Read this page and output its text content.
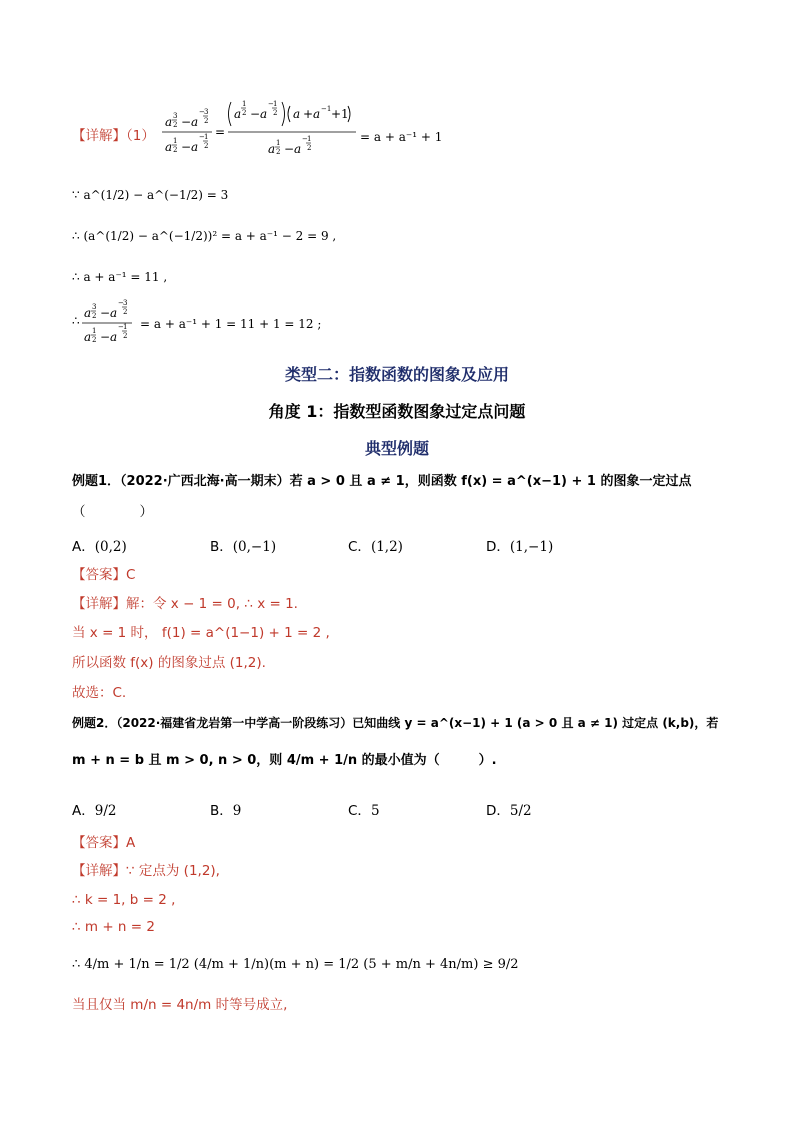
【详解】（1）
a 3
2 − a
− 3
2
a 1
2 − a
− 1
2
=
a
1
2 − a
− 1
2 a + a −1 +1
a 1
2 − a
− 1
2
= a + a⁻¹ + 1
∵ a^(1/2) − a^(−1/2) = 3
∴ (a^(1/2) − a^(−1/2))² = a + a⁻¹ − 2 = 9 ,
∴ a + a⁻¹ = 11 ,
∴
a 3
2 − a
− 3
2
a 1
2 − a
− 1
2
= a + a⁻¹ + 1 = 11 + 1 = 12 ;
类型二：指数函数的图象及应用
角度 1：指数型函数图象过定点问题
典型例题
例题1．（2022·广西北海·高一期末）若 a > 0 且 a ≠ 1，则函数 f(x) = a^(x−1) + 1 的图象一定过点
（　　　　）
A．(0,2)	B．(0,−1)	C．(1,2)	D．(1,−1)
【答案】C
【详解】解：令 x − 1 = 0, ∴ x = 1.
当 x = 1 时， f(1) = a^(1−1) + 1 = 2 ,
所以函数 f(x) 的图象过点 (1,2).
故选：C.
例题2．（2022·福建省龙岩第一中学高一阶段练习）已知曲线 y = a^(x−1) + 1 (a > 0 且 a ≠ 1) 过定点 (k,b)，若
m + n = b 且 m > 0, n > 0，则 4/m + 1/n 的最小值为（　　　）.
A．9/2	B．9	C．5	D．5/2
【答案】A
【详解】∵ 定点为 (1,2),
∴ k = 1, b = 2 ,
∴ m + n = 2
∴ 4/m + 1/n = 1/2 (4/m + 1/n)(m + n) = 1/2 (5 + m/n + 4n/m) ≥ 9/2
当且仅当 m/n = 4n/m 时等号成立,
